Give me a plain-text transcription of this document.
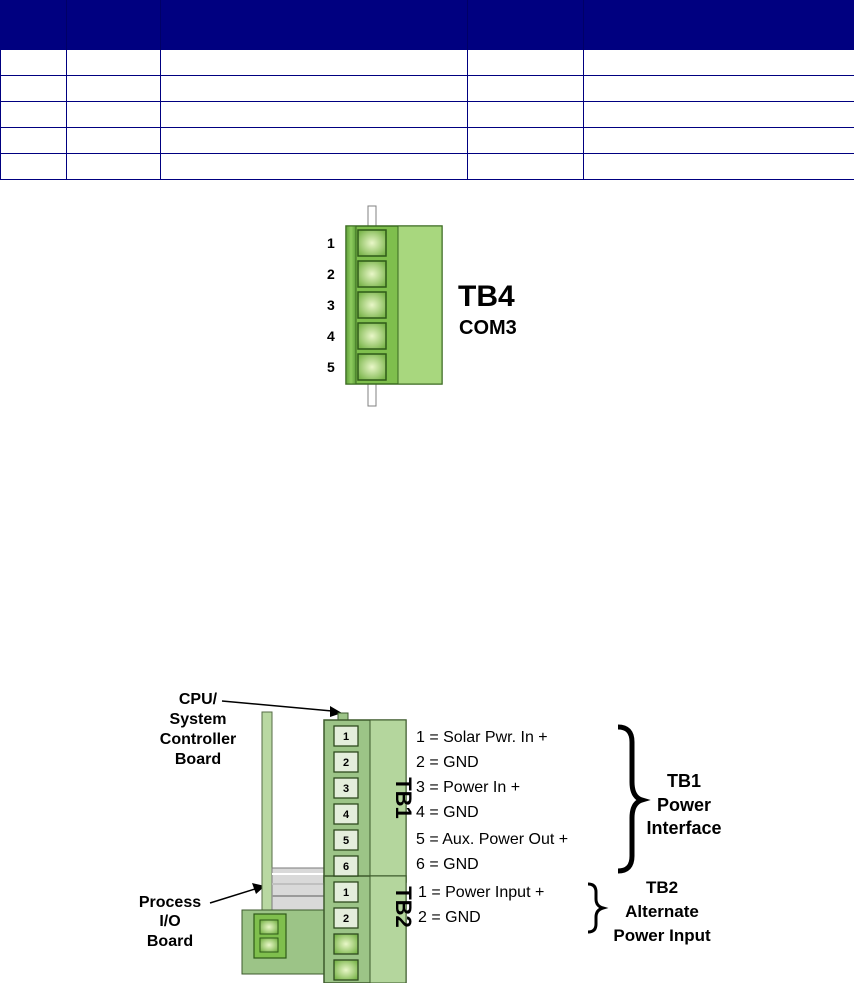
1
2
3
4
5
TB4
COM3
CPU/
System
Controller
Board
Process
I/O
Board
1
2
3
4
5
6
1
2
TB1
TB2
1 = Solar Pwr. In +
2 = GND
3 = Power In +
4 = GND
5 = Aux. Power Out +
6 = GND
1 = Power Input +
2 = GND
TB1
Power
Interface
TB2
Alternate
Power Input
